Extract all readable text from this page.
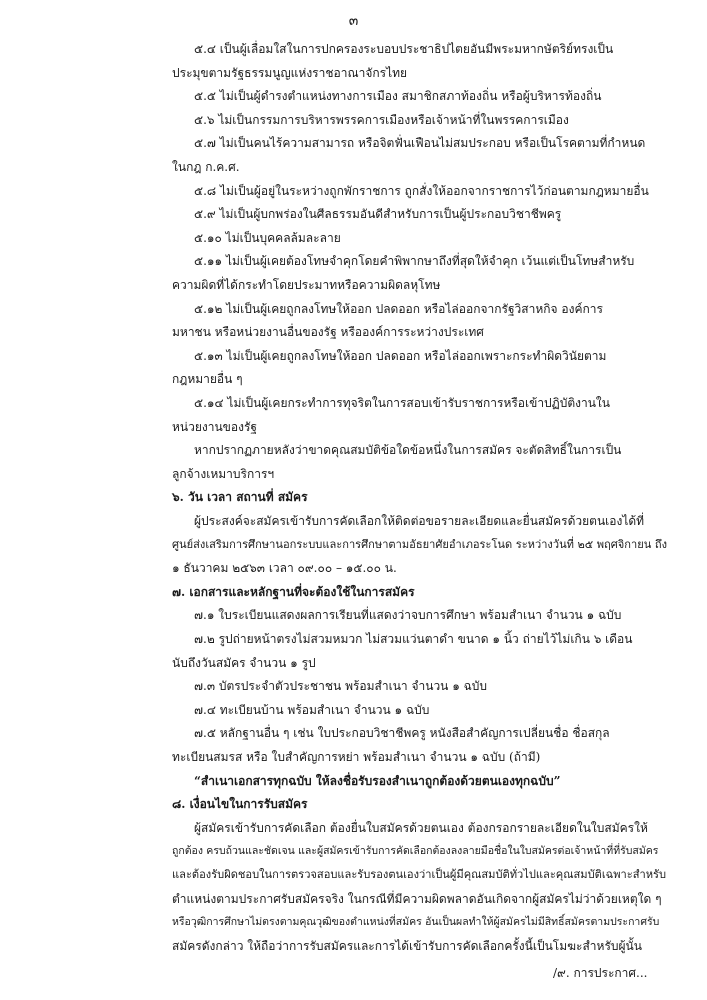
๓
๕.๔ เป็นผู้เลื่อมใสในการปกครองระบอบประชาธิปไตยอันมีพระมหากษัตริย์ทรงเป็น
ประมุขตามรัฐธรรมนูญแห่งราชอาณาจักรไทย
๕.๕ ไม่เป็นผู้ดำรงตำแหน่งทางการเมือง สมาชิกสภาท้องถิ่น หรือผู้บริหารท้องถิ่น
๕.๖ ไม่เป็นกรรมการบริหารพรรคการเมืองหรือเจ้าหน้าที่ในพรรคการเมือง
๕.๗ ไม่เป็นคนไร้ความสามารถ หรือจิตฟั่นเฟือนไม่สมประกอบ หรือเป็นโรคตามที่กำหนด
ในกฎ ก.ค.ศ.
๕.๘ ไม่เป็นผู้อยู่ในระหว่างถูกพักราชการ ถูกสั่งให้ออกจากราชการไว้ก่อนตามกฎหมายอื่น
๕.๙ ไม่เป็นผู้บกพร่องในศีลธรรมอันดีสำหรับการเป็นผู้ประกอบวิชาชีพครู
๕.๑๐ ไม่เป็นบุคคลล้มละลาย
๕.๑๑ ไม่เป็นผู้เคยต้องโทษจำคุกโดยคำพิพากษาถึงที่สุดให้จำคุก เว้นแต่เป็นโทษสำหรับ
ความผิดที่ได้กระทำโดยประมาทหรือความผิดลหุโทษ
๕.๑๒ ไม่เป็นผู้เคยถูกลงโทษให้ออก ปลดออก หรือไล่ออกจากรัฐวิสาหกิจ องค์การ
มหาชน หรือหน่วยงานอื่นของรัฐ หรือองค์การระหว่างประเทศ
๕.๑๓ ไม่เป็นผู้เคยถูกลงโทษให้ออก ปลดออก หรือไล่ออกเพราะกระทำผิดวินัยตาม
กฎหมายอื่น ๆ
๕.๑๔ ไม่เป็นผู้เคยกระทำการทุจริตในการสอบเข้ารับราชการหรือเข้าปฏิบัติงานใน
หน่วยงานของรัฐ
หากปรากฏภายหลังว่าขาดคุณสมบัติข้อใดข้อหนึ่งในการสมัคร จะตัดสิทธิ์ในการเป็น
ลูกจ้างเหมาบริการฯ
๖. วัน เวลา สถานที่ สมัคร
ผู้ประสงค์จะสมัครเข้ารับการคัดเลือกให้ติดต่อขอรายละเอียดและยื่นสมัครด้วยตนเองได้ที่
ศูนย์ส่งเสริมการศึกษานอกระบบและการศึกษาตามอัธยาศัยอำเภอระโนด ระหว่างวันที่ ๒๕ พฤศจิกายน ถึง
๑ ธันวาคม ๒๕๖๓ เวลา ๐๙.๐๐ – ๑๕.๐๐ น.
๗. เอกสารและหลักฐานที่จะต้องใช้ในการสมัคร
๗.๑ ใบระเบียนแสดงผลการเรียนที่แสดงว่าจบการศึกษา พร้อมสำเนา จำนวน ๑ ฉบับ
๗.๒ รูปถ่ายหน้าตรงไม่สวมหมวก ไม่สวมแว่นตาดำ ขนาด ๑ นิ้ว ถ่ายไว้ไม่เกิน ๖ เดือน
นับถึงวันสมัคร จำนวน ๑ รูป
๗.๓ บัตรประจำตัวประชาชน พร้อมสำเนา จำนวน ๑ ฉบับ
๗.๔ ทะเบียนบ้าน พร้อมสำเนา จำนวน ๑ ฉบับ
๗.๕ หลักฐานอื่น ๆ เช่น ใบประกอบวิชาชีพครู หนังสือสำคัญการเปลี่ยนชื่อ ชื่อสกุล
ทะเบียนสมรส หรือ ใบสำคัญการหย่า พร้อมสำเนา จำนวน ๑ ฉบับ (ถ้ามี)
“สำเนาเอกสารทุกฉบับ ให้ลงชื่อรับรองสำเนาถูกต้องด้วยตนเองทุกฉบับ”
๘. เงื่อนไขในการรับสมัคร
ผู้สมัครเข้ารับการคัดเลือก ต้องยื่นใบสมัครด้วยตนเอง ต้องกรอกรายละเอียดในใบสมัครให้
ถูกต้อง ครบถ้วนและชัดเจน และผู้สมัครเข้ารับการคัดเลือกต้องลงลายมือชื่อในใบสมัครต่อเจ้าหน้าที่ที่รับสมัคร
และต้องรับผิดชอบในการตรวจสอบและรับรองตนเองว่าเป็นผู้มีคุณสมบัติทั่วไปและคุณสมบัติเฉพาะสำหรับ
ตำแหน่งตามประกาศรับสมัครจริง ในกรณีที่มีความผิดพลาดอันเกิดจากผู้สมัครไม่ว่าด้วยเหตุใด ๆ
หรือวุฒิการศึกษาไม่ตรงตามคุณวุฒิของตำแหน่งที่สมัคร อันเป็นผลทำให้ผู้สมัครไม่มีสิทธิ์สมัครตามประกาศรับ
สมัครดังกล่าว ให้ถือว่าการรับสมัครและการได้เข้ารับการคัดเลือกครั้งนี้เป็นโมฆะสำหรับผู้นั้น
/๙. การประกาศ...
